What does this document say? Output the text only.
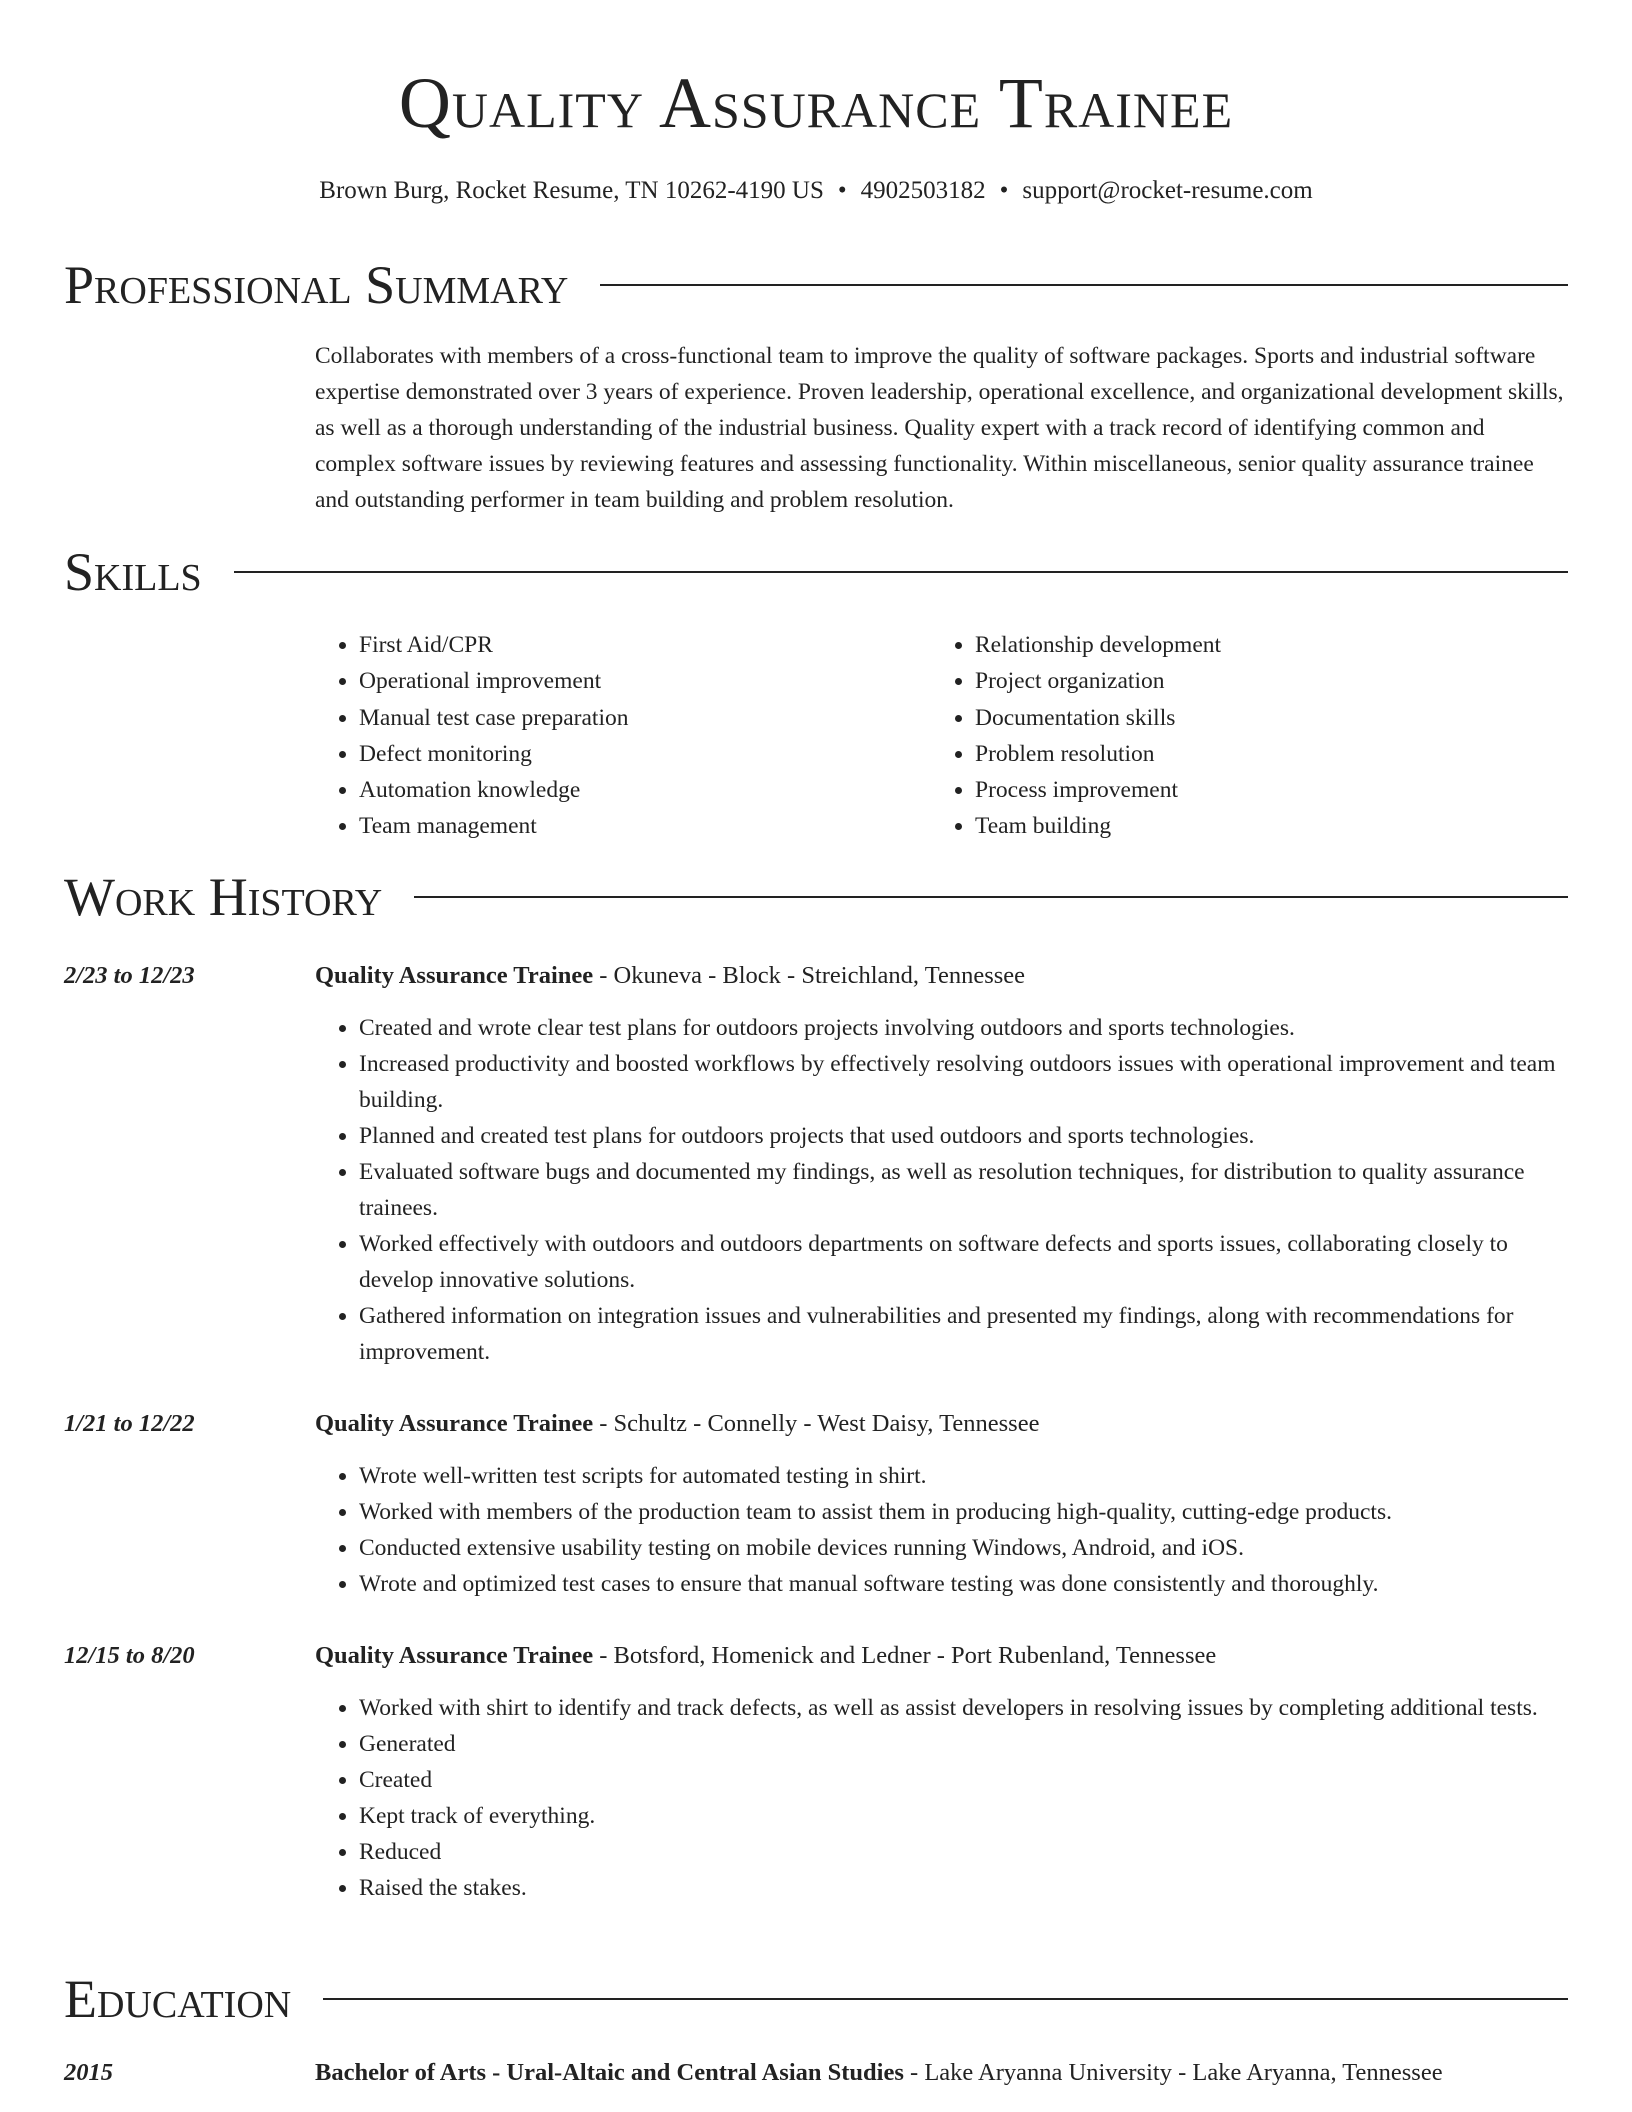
Quality Assurance Trainee
Brown Burg, Rocket Resume, TN 10262-4190 US • 4902503182 • support@rocket-resume.com
Professional Summary
Collaborates with members of a cross-functional team to improve the quality of software packages. Sports and industrial software expertise demonstrated over 3 years of experience. Proven leadership, operational excellence, and organizational development skills, as well as a thorough understanding of the industrial business. Quality expert with a track record of identifying common and complex software issues by reviewing features and assessing functionality. Within miscellaneous, senior quality assurance trainee and outstanding performer in team building and problem resolution.
Skills
• First Aid/CPR
• Operational improvement
• Manual test case preparation
• Defect monitoring
• Automation knowledge
• Team management
• Relationship development
• Project organization
• Documentation skills
• Problem resolution
• Process improvement
• Team building
Work History
2/23 to 12/23	Quality Assurance Trainee - Okuneva - Block - Streichland, Tennessee
• Created and wrote clear test plans for outdoors projects involving outdoors and sports technologies.
• Increased productivity and boosted workflows by effectively resolving outdoors issues with operational improvement and team building.
• Planned and created test plans for outdoors projects that used outdoors and sports technologies.
• Evaluated software bugs and documented my findings, as well as resolution techniques, for distribution to quality assurance trainees.
• Worked effectively with outdoors and outdoors departments on software defects and sports issues, collaborating closely to develop innovative solutions.
• Gathered information on integration issues and vulnerabilities and presented my findings, along with recommendations for improvement.
1/21 to 12/22	Quality Assurance Trainee - Schultz - Connelly - West Daisy, Tennessee
• Wrote well-written test scripts for automated testing in shirt.
• Worked with members of the production team to assist them in producing high-quality, cutting-edge products.
• Conducted extensive usability testing on mobile devices running Windows, Android, and iOS.
• Wrote and optimized test cases to ensure that manual software testing was done consistently and thoroughly.
12/15 to 8/20	Quality Assurance Trainee - Botsford, Homenick and Ledner - Port Rubenland, Tennessee
• Worked with shirt to identify and track defects, as well as assist developers in resolving issues by completing additional tests.
• Generated
• Created
• Kept track of everything.
• Reduced
• Raised the stakes.
Education
2015	Bachelor of Arts - Ural-Altaic and Central Asian Studies - Lake Aryanna University - Lake Aryanna, Tennessee
